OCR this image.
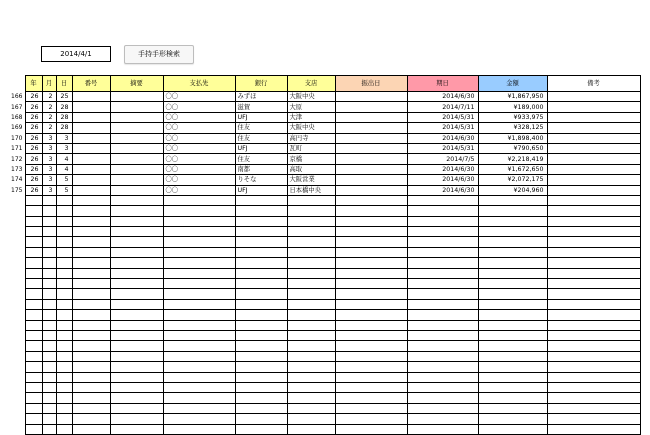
2014/4/1	手持手形検索
	年	月	日	番号	摘要	支払先	銀行	支店	振出日	期日	金額	備考
166	26	2	25			〇〇	みずほ	大阪中央		2014/6/30	¥1,867,950	
167	26	2	28			〇〇	滋賀	大原		2014/7/11	¥189,000	
168	26	2	28			〇〇	UFJ	大津		2014/5/31	¥933,975	
169	26	2	28			〇〇	住友	大阪中央		2014/5/31	¥328,125	
170	26	3	3			〇〇	住友	高円寺		2014/6/30	¥1,898,400	
171	26	3	3			〇〇	UFJ	瓦町		2014/5/31	¥790,650	
172	26	3	4			〇〇	住友	京橋		2014/7/5	¥2,218,419	
173	26	3	4			〇〇	南都	高取		2014/6/30	¥1,672,650	
174	26	3	5			〇〇	りそな	大阪営業		2014/6/30	¥2,072,175	
175	26	3	5			〇〇	UFJ	日本橋中央		2014/6/30	¥204,960	
